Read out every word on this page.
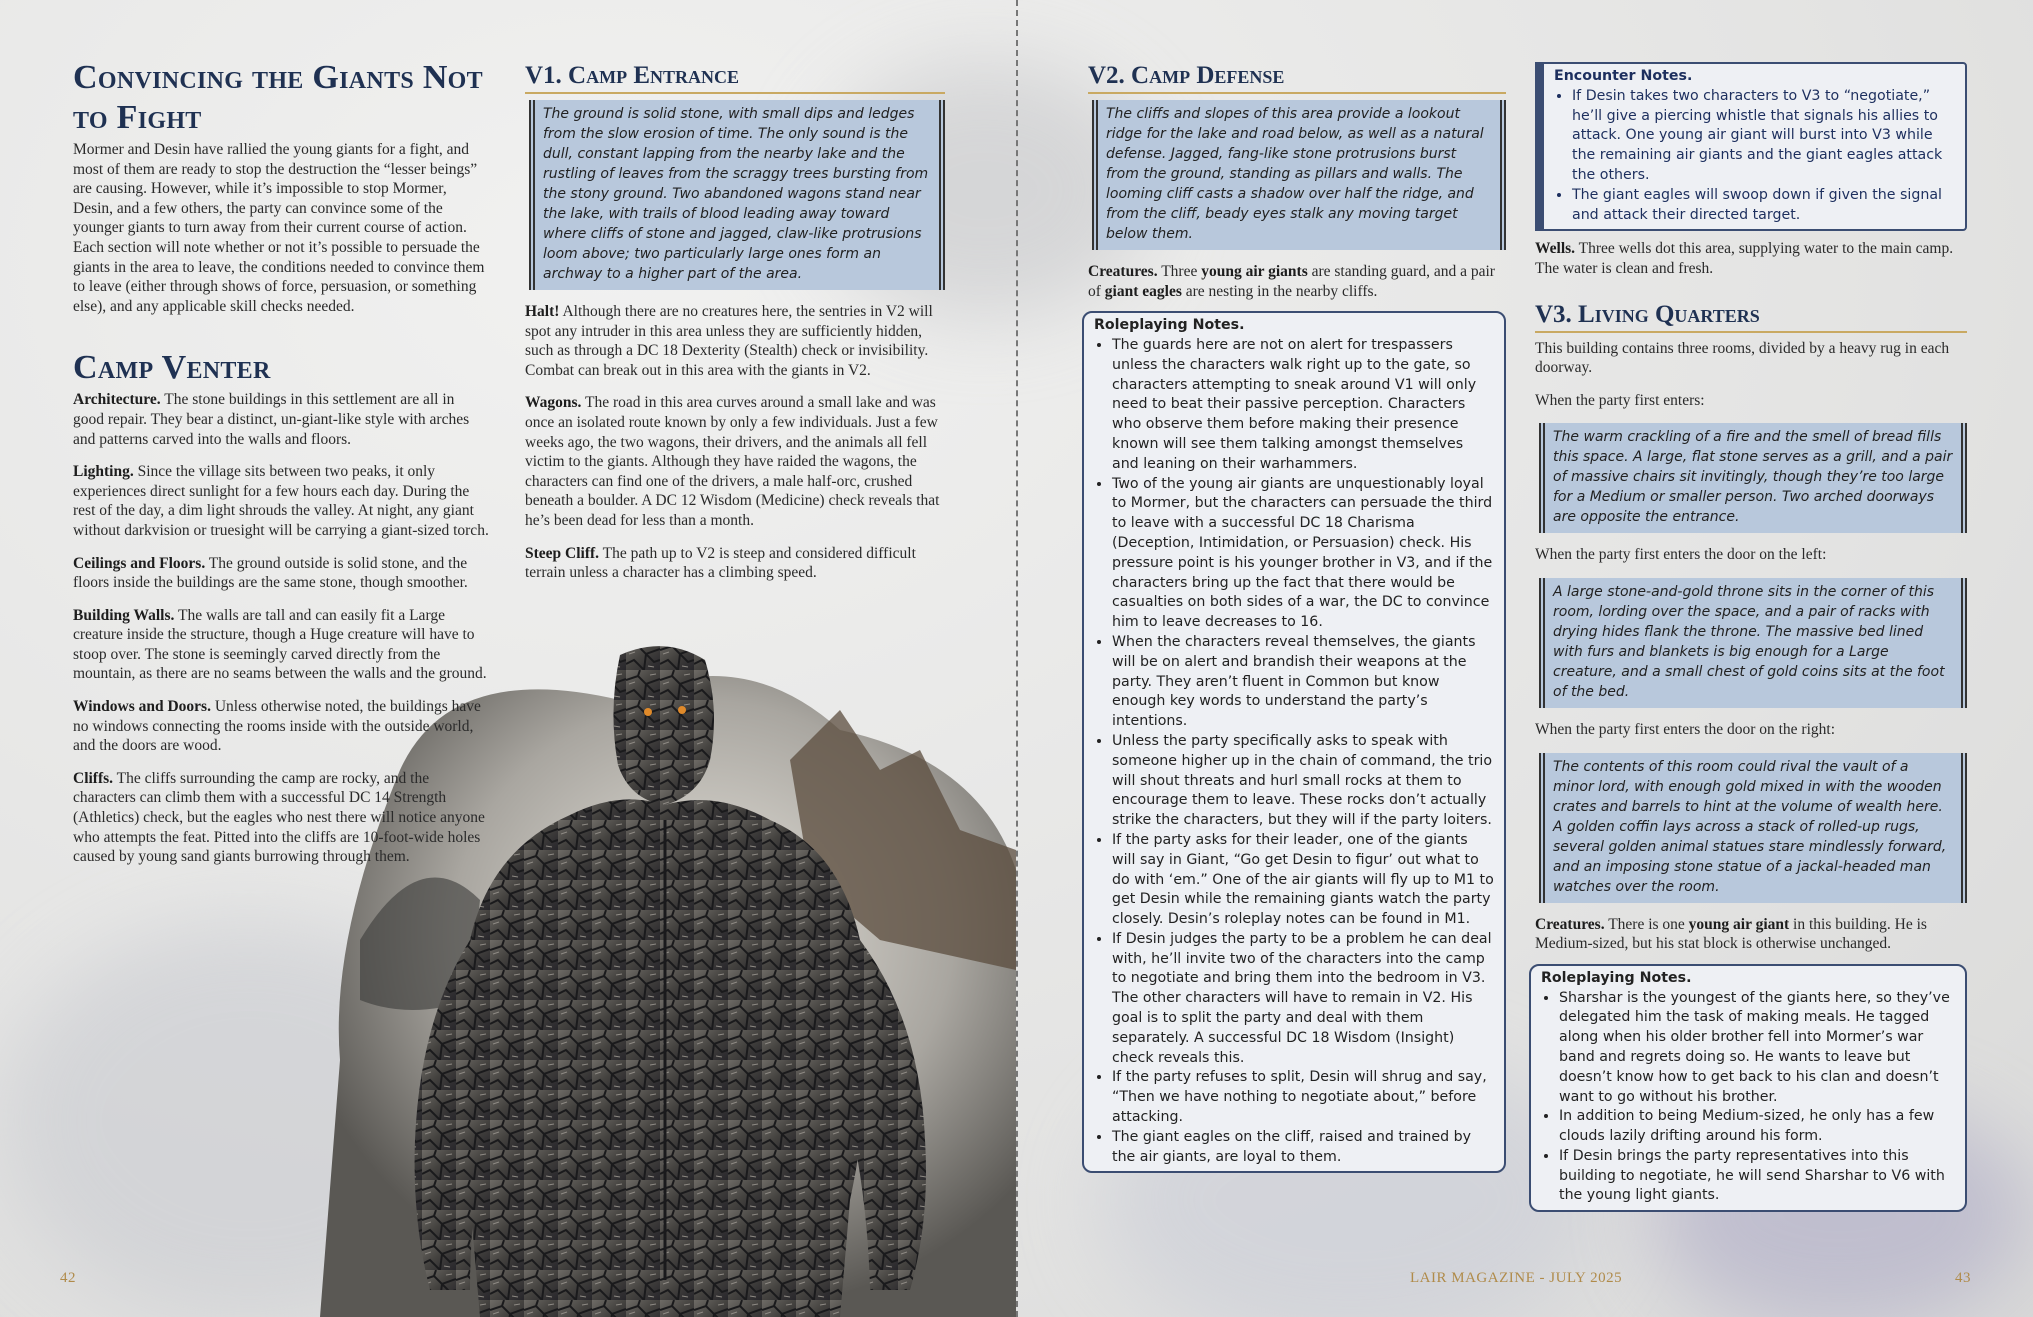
Convincing the Giants Not to Fight

Mormer and Desin have rallied the young giants for a fight, and most of them are ready to stop the destruction the “lesser beings” are causing. However, while it’s impossible to stop Mormer, Desin, and a few others, the party can convince some of the younger giants to turn away from their current course of action. Each section will note whether or not it’s possible to persuade the giants in the area to leave, the conditions needed to convince them to leave (either through shows of force, persuasion, or something else), and any applicable skill checks needed.

Camp Venter

Architecture. The stone buildings in this settlement are all in good repair. They bear a distinct, un-giant-like style with arches and patterns carved into the walls and floors.

Lighting. Since the village sits between two peaks, it only experiences direct sunlight for a few hours each day. During the rest of the day, a dim light shrouds the valley. At night, any giant without darkvision or truesight will be carrying a giant-sized torch.

Ceilings and Floors. The ground outside is solid stone, and the floors inside the buildings are the same stone, though smoother.

Building Walls. The walls are tall and can easily fit a Large creature inside the structure, though a Huge creature will have to stoop over. The stone is seemingly carved directly from the mountain, as there are no seams between the walls and the ground.

Windows and Doors. Unless otherwise noted, the buildings have no windows connecting the rooms inside with the outside world, and the doors are wood.

Cliffs. The cliffs surrounding the camp are rocky, and the characters can climb them with a successful DC 14 Strength (Athletics) check, but the eagles who nest there will notice anyone who attempts the feat. Pitted into the cliffs are 10-foot-wide holes caused by young sand giants burrowing through them.

V1. Camp Entrance
The ground is solid stone, with small dips and ledges from the slow erosion of time. The only sound is the dull, constant lapping from the nearby lake and the rustling of leaves from the scraggy trees bursting from the stony ground. Two abandoned wagons stand near the lake, with trails of blood leading away toward where cliffs of stone and jagged, claw-like protrusions loom above; two particularly large ones form an archway to a higher part of the area.

Halt! Although there are no creatures here, the sentries in V2 will spot any intruder in this area unless they are sufficiently hidden, such as through a DC 18 Dexterity (Stealth) check or invisibility. Combat can break out in this area with the giants in V2.

Wagons. The road in this area curves around a small lake and was once an isolated route known by only a few individuals. Just a few weeks ago, the two wagons, their drivers, and the animals all fell victim to the giants. Although they have raided the wagons, the characters can find one of the drivers, a male half-orc, crushed beneath a boulder. A DC 12 Wisdom (Medicine) check reveals that he’s been dead for less than a month.

Steep Cliff. The path up to V2 is steep and considered difficult terrain unless a character has a climbing speed.

42
V2. Camp Defense
The cliffs and slopes of this area provide a lookout ridge for the lake and road below, as well as a natural defense. Jagged, fang-like stone protrusions burst from the ground, standing as pillars and walls. The looming cliff casts a shadow over half the ridge, and from the cliff, beady eyes stalk any moving target below them.

Creatures. Three young air giants are standing guard, and a pair of giant eagles are nesting in the nearby cliffs.

Roleplaying Notes.

• The guards here are not on alert for trespassers unless the characters walk right up to the gate, so characters attempting to sneak around V1 will only need to beat their passive perception. Characters who observe them before making their presence known will see them talking amongst themselves and leaning on their warhammers.
• Two of the young air giants are unquestionably loyal to Mormer, but the characters can persuade the third to leave with a successful DC 18 Charisma (Deception, Intimidation, or Persuasion) check. His pressure point is his younger brother in V3, and if the characters bring up the fact that there would be casualties on both sides of a war, the DC to convince him to leave decreases to 16.
• When the characters reveal themselves, the giants will be on alert and brandish their weapons at the party. They aren’t fluent in Common but know enough key words to understand the party’s intentions.
• Unless the party specifically asks to speak with someone higher up in the chain of command, the trio will shout threats and hurl small rocks at them to encourage them to leave. These rocks don’t actually strike the characters, but they will if the party loiters.
• If the party asks for their leader, one of the giants will say in Giant, “Go get Desin to figur’ out what to do with ‘em.” One of the air giants will fly up to M1 to get Desin while the remaining giants watch the party closely. Desin’s roleplay notes can be found in M1.
• If Desin judges the party to be a problem he can deal with, he’ll invite two of the characters into the camp to negotiate and bring them into the bedroom in V3. The other characters will have to remain in V2. His goal is to split the party and deal with them separately. A successful DC 18 Wisdom (Insight) check reveals this.
• If the party refuses to split, Desin will shrug and say, “Then we have nothing to negotiate about,” before attacking.
• The giant eagles on the cliff, raised and trained by the air giants, are loyal to them.

Encounter Notes.

• If Desin takes two characters to V3 to “negotiate,” he’ll give a piercing whistle that signals his allies to attack. One young air giant will burst into V3 while the remaining air giants and the giant eagles attack the others.
• The giant eagles will swoop down if given the signal and attack their directed target.

Wells. Three wells dot this area, supplying water to the main camp. The water is clean and fresh.

V3. Living Quarters

This building contains three rooms, divided by a heavy rug in each doorway.

When the party first enters:

The warm crackling of a fire and the smell of bread fills this space. A large, flat stone serves as a grill, and a pair of massive chairs sit invitingly, though they’re too large for a Medium or smaller person. Two arched doorways are opposite the entrance.

When the party first enters the door on the left:

A large stone-and-gold throne sits in the corner of this room, lording over the space, and a pair of racks with drying hides flank the throne. The massive bed lined with furs and blankets is big enough for a Large creature, and a small chest of gold coins sits at the foot of the bed.

When the party first enters the door on the right:

The contents of this room could rival the vault of a minor lord, with enough gold mixed in with the wooden crates and barrels to hint at the volume of wealth here. A golden coffin lays across a stack of rolled-up rugs, several golden animal statues stare mindlessly forward, and an imposing stone statue of a jackal-headed man watches over the room.

Creatures. There is one young air giant in this building. He is Medium-sized, but his stat block is otherwise unchanged.

Roleplaying Notes.

• Sharshar is the youngest of the giants here, so they’ve delegated him the task of making meals. He tagged along when his older brother fell into Mormer’s war band and regrets doing so. He wants to leave but doesn’t know how to get back to his clan and doesn’t want to go without his brother.
• In addition to being Medium-sized, he only has a few clouds lazily drifting around his form.
• If Desin brings the party representatives into this building to negotiate, he will send Sharshar to V6 with the young light giants.
LAIR MAGAZINE - JULY 2025	43
